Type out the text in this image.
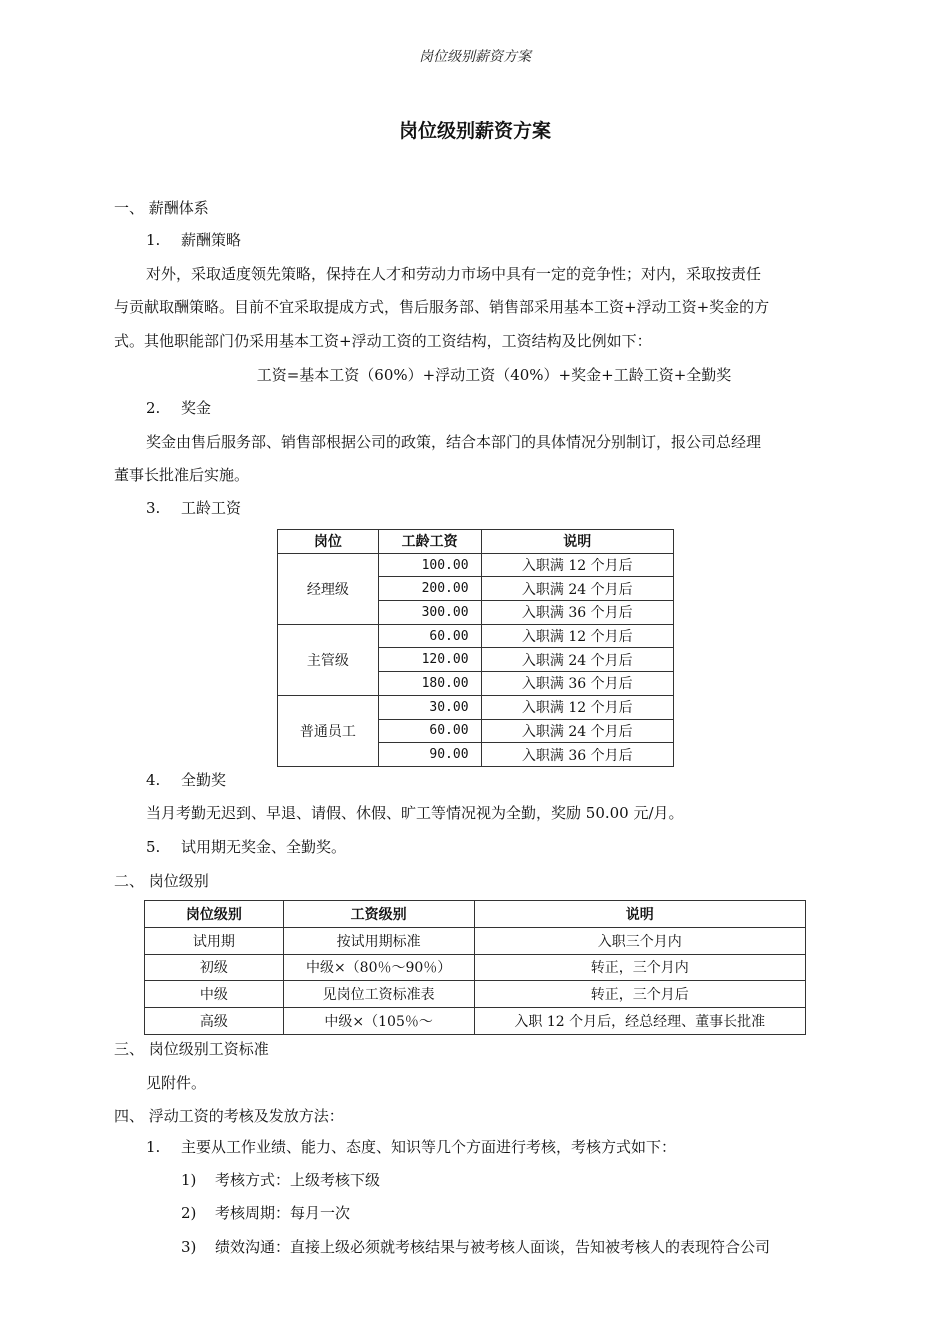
岗位级别薪资方案
岗位级别薪资方案
一、 薪酬体系
1. 薪酬策略
对外，采取适度领先策略，保持在人才和劳动力市场中具有一定的竞争性；对内，采取按责任
与贡献取酬策略。目前不宜采取提成方式，售后服务部、销售部采用基本工资+浮动工资+奖金的方
式。其他职能部门仍采用基本工资+浮动工资的工资结构，工资结构及比例如下：
工资=基本工资（60%）+浮动工资（40%）+奖金+工龄工资+全勤奖
2. 奖金
奖金由售后服务部、销售部根据公司的政策，结合本部门的具体情况分别制订，报公司总经理
董事长批准后实施。
3. 工龄工资
岗位	工龄工资	说明
经理级	100.00	入职满 12 个月后
	200.00	入职满 24 个月后
	300.00	入职满 36 个月后
主管级	60.00	入职满 12 个月后
	120.00	入职满 24 个月后
	180.00	入职满 36 个月后
普通员工	30.00	入职满 12 个月后
	60.00	入职满 24 个月后
	90.00	入职满 36 个月后
4. 全勤奖
当月考勤无迟到、早退、请假、休假、旷工等情况视为全勤，奖励 50.00 元/月。
5. 试用期无奖金、全勤奖。
二、 岗位级别
岗位级别	工资级别	说明
试用期	按试用期标准	入职三个月内
初级	中级×（80％～90％）	转正，三个月内
中级	见岗位工资标准表	转正，三个月后
高级	中级×（105％～	入职 12 个月后，经总经理、董事长批准
三、 岗位级别工资标准
见附件。
四、 浮动工资的考核及发放方法：
1. 主要从工作业绩、能力、态度、知识等几个方面进行考核，考核方式如下：
1) 考核方式：上级考核下级
2) 考核周期：每月一次
3) 绩效沟通：直接上级必须就考核结果与被考核人面谈，告知被考核人的表现符合公司
